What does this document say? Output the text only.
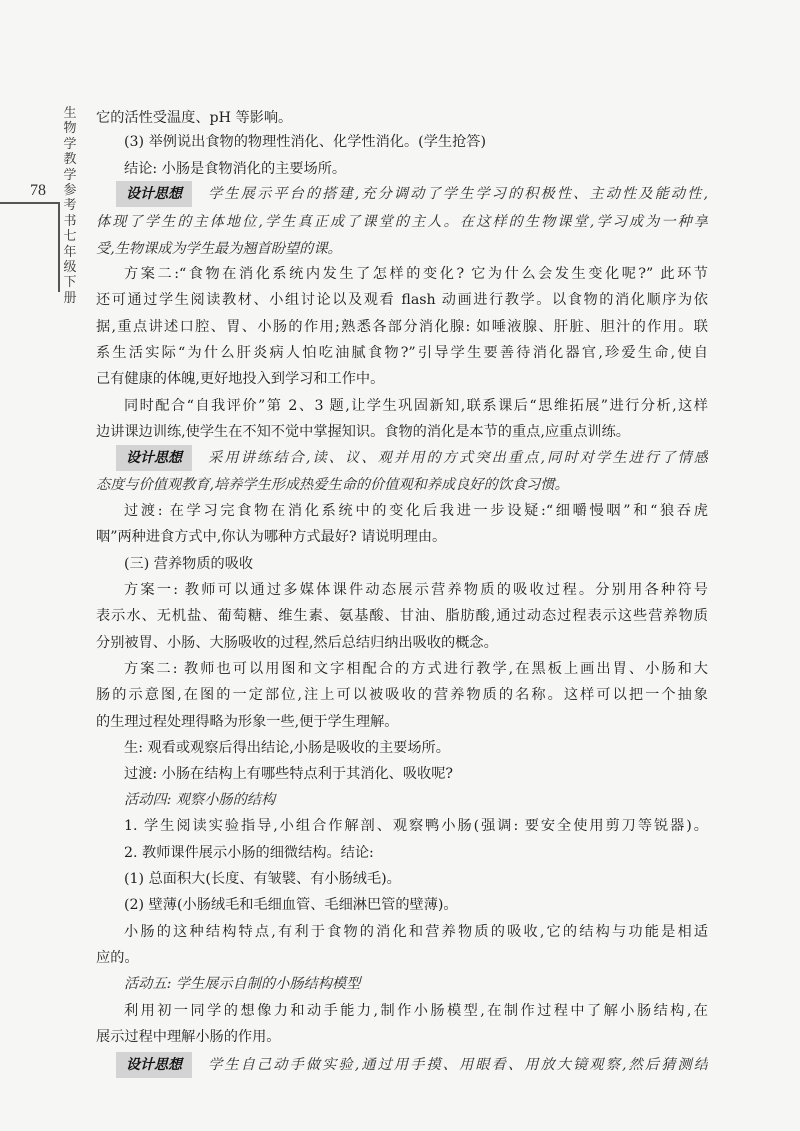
生
物
学
教
学
参
考
书
七
年
级
下
册
78
它的活性受温度、pH 等影响。
(3) 举例说出食物的物理性消化、化学性消化。(学生抢答)
结论: 小肠是食物消化的主要场所。
设计思想 学生展示平台的搭建,充分调动了学生学习的积极性、主动性及能动性,
体现了学生的主体地位,学生真正成了课堂的主人。在这样的生物课堂,学习成为一种享
受,生物课成为学生最为翘首盼望的课。
方案二:“食物在消化系统内发生了怎样的变化? 它为什么会发生变化呢?” 此环节
还可通过学生阅读教材、小组讨论以及观看 flash 动画进行教学。以食物的消化顺序为依
据,重点讲述口腔、胃、小肠的作用;熟悉各部分消化腺: 如唾液腺、肝脏、胆汁的作用。联
系生活实际“为什么肝炎病人怕吃油腻食物?”引导学生要善待消化器官,珍爱生命,使自
己有健康的体魄,更好地投入到学习和工作中。
同时配合“自我评价”第 2、3 题,让学生巩固新知,联系课后“思维拓展”进行分析,这样
边讲课边训练,使学生在不知不觉中掌握知识。食物的消化是本节的重点,应重点训练。
设计思想 采用讲练结合,读、议、观并用的方式突出重点,同时对学生进行了情感
态度与价值观教育,培养学生形成热爱生命的价值观和养成良好的饮食习惯。
过渡: 在学习完食物在消化系统中的变化后我进一步设疑:“细嚼慢咽”和“狼吞虎
咽”两种进食方式中,你认为哪种方式最好? 请说明理由。
(三) 营养物质的吸收
方案一: 教师可以通过多媒体课件动态展示营养物质的吸收过程。分别用各种符号
表示水、无机盐、葡萄糖、维生素、氨基酸、甘油、脂肪酸,通过动态过程表示这些营养物质
分别被胃、小肠、大肠吸收的过程,然后总结归纳出吸收的概念。
方案二: 教师也可以用图和文字相配合的方式进行教学,在黑板上画出胃、小肠和大
肠的示意图,在图的一定部位,注上可以被吸收的营养物质的名称。这样可以把一个抽象
的生理过程处理得略为形象一些,便于学生理解。
生: 观看或观察后得出结论,小肠是吸收的主要场所。
过渡: 小肠在结构上有哪些特点利于其消化、吸收呢?
活动四: 观察小肠的结构
1. 学生阅读实验指导,小组合作解剖、观察鸭小肠(强调: 要安全使用剪刀等锐器)。
2. 教师课件展示小肠的细微结构。结论:
(1) 总面积大(长度、有皱襞、有小肠绒毛)。
(2) 壁薄(小肠绒毛和毛细血管、毛细淋巴管的壁薄)。
小肠的这种结构特点,有利于食物的消化和营养物质的吸收,它的结构与功能是相适
应的。
活动五: 学生展示自制的小肠结构模型
利用初一同学的想像力和动手能力,制作小肠模型,在制作过程中了解小肠结构,在
展示过程中理解小肠的作用。
设计思想 学生自己动手做实验,通过用手摸、用眼看、用放大镜观察,然后猜测结
